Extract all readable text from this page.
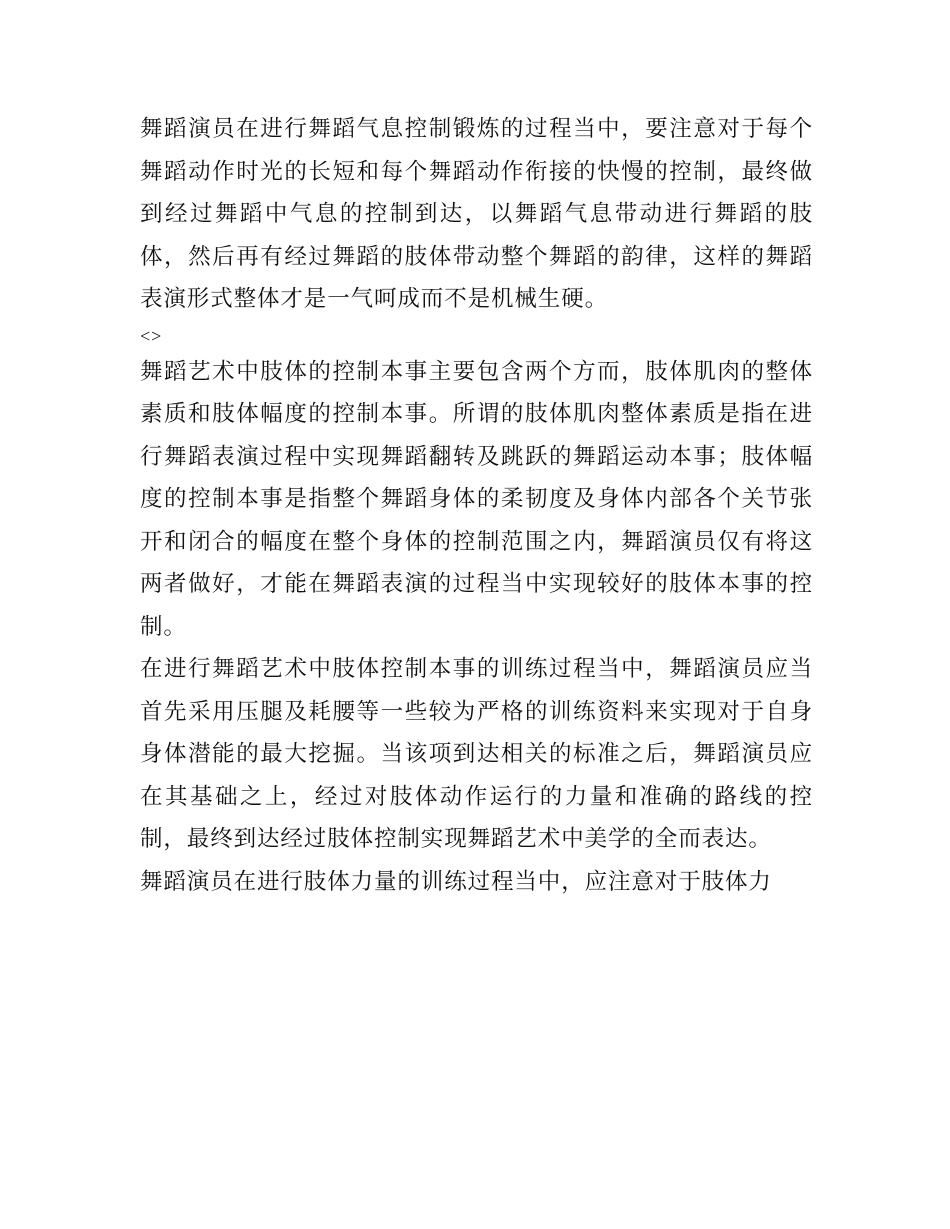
舞蹈演员在进行舞蹈气息控制锻炼的过程当中，要注意对于每个舞蹈动作时光的长短和每个舞蹈动作衔接的快慢的控制，最终做到经过舞蹈中气息的控制到达，以舞蹈气息带动进行舞蹈的肢体，然后再有经过舞蹈的肢体带动整个舞蹈的韵律，这样的舞蹈表演形式整体才是一气呵成而不是机械生硬。

<>

舞蹈艺术中肢体的控制本事主要包含两个方而，肢体肌肉的整体素质和肢体幅度的控制本事。所谓的肢体肌肉整体素质是指在进行舞蹈表演过程中实现舞蹈翻转及跳跃的舞蹈运动本事；肢体幅度的控制本事是指整个舞蹈身体的柔韧度及身体内部各个关节张开和闭合的幅度在整个身体的控制范围之内，舞蹈演员仅有将这两者做好，才能在舞蹈表演的过程当中实现较好的肢体本事的控制。

在进行舞蹈艺术中肢体控制本事的训练过程当中，舞蹈演员应当首先采用压腿及耗腰等一些较为严格的训练资料来实现对于自身身体潜能的最大挖掘。当该项到达相关的标准之后，舞蹈演员应在其基础之上，经过对肢体动作运行的力量和准确的路线的控制，最终到达经过肢体控制实现舞蹈艺术中美学的全而表达。

舞蹈演员在进行肢体力量的训练过程当中，应注意对于肢体力
